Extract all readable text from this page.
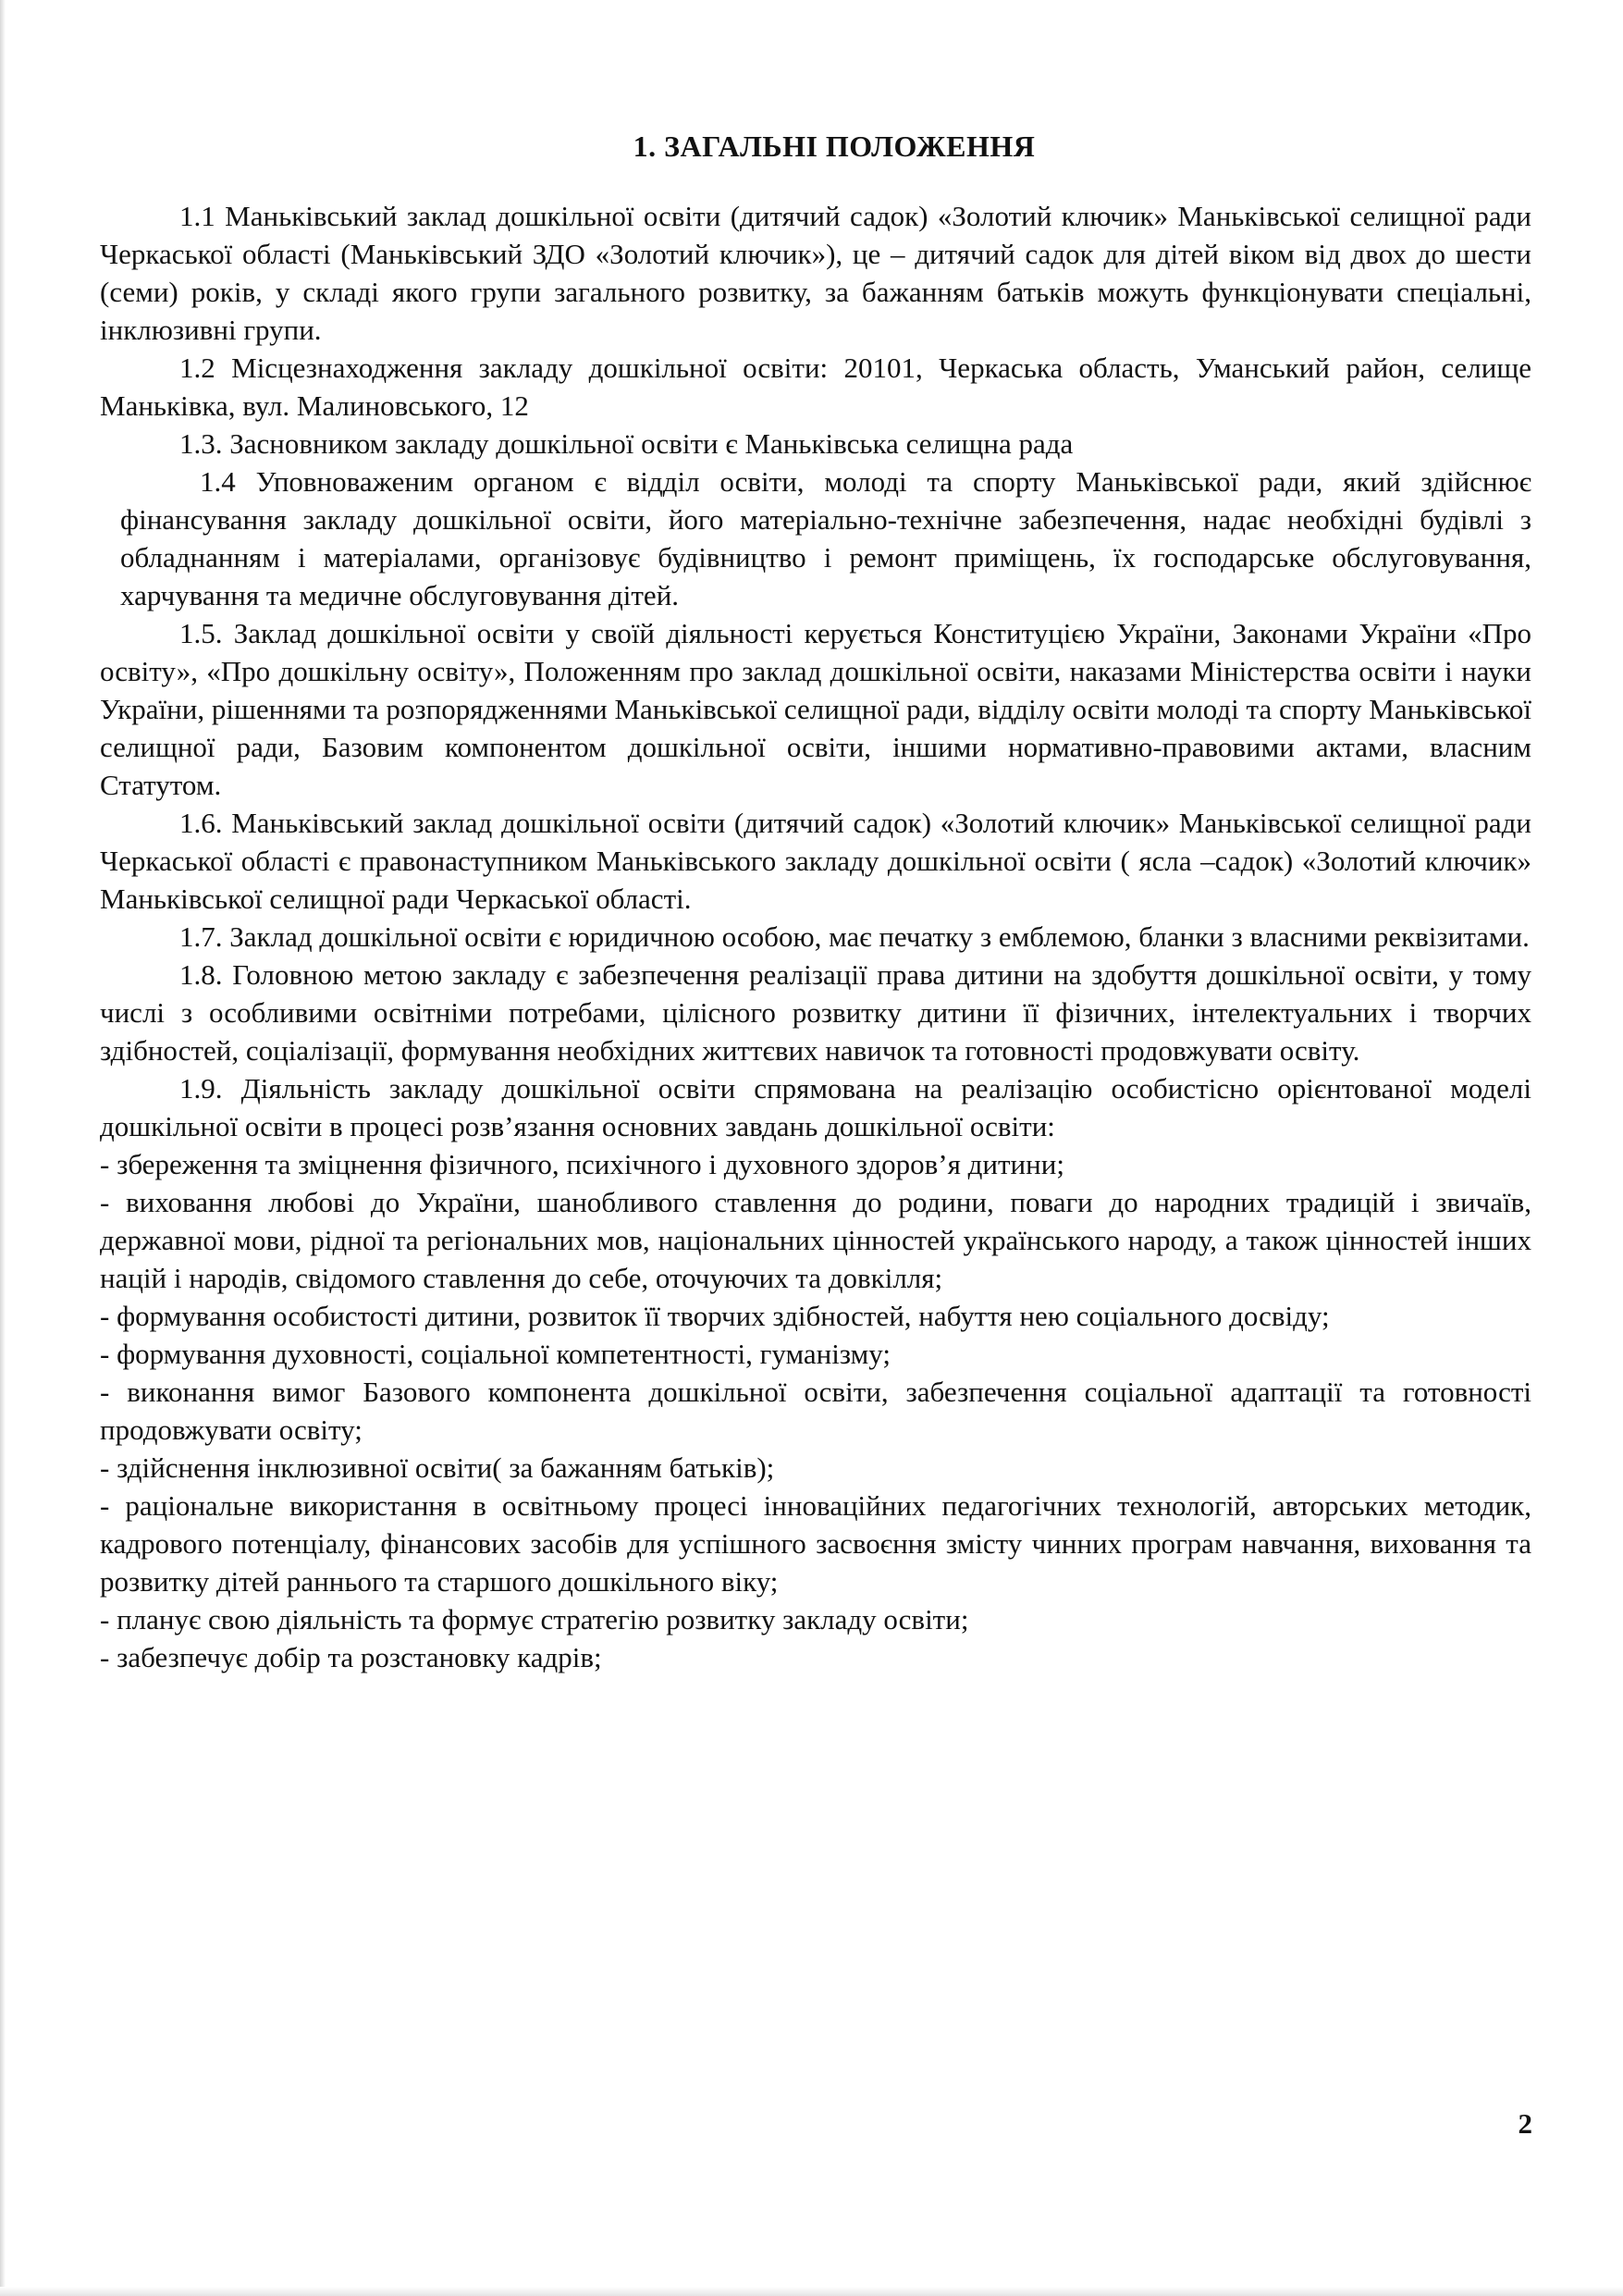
1. ЗАГАЛЬНІ ПОЛОЖЕННЯ

1.1 Маньківський заклад дошкільної освіти (дитячий садок) «Золотий ключик» Маньківської селищної ради Черкаської області (Маньківський ЗДО «Золотий ключик»), це – дитячий садок для дітей віком від двох до шести (семи) років, у складі якого групи загального розвитку, за бажанням батьків можуть функціонувати спеціальні, інклюзивні групи.

1.2 Місцезнаходження закладу дошкільної освіти: 20101, Черкаська область, Уманський район, селище Маньківка, вул. Малиновського, 12

1.3. Засновником закладу дошкільної освіти є Маньківська селищна рада

1.4 Уповноваженим органом є відділ освіти, молоді та спорту Маньківської ради, який здійснює фінансування закладу дошкільної освіти, його матеріально-технічне забезпечення, надає необхідні будівлі з обладнанням і матеріалами, організовує будівництво і ремонт приміщень, їх господарське обслуговування, харчування та медичне обслуговування дітей.

1.5. Заклад дошкільної освіти у своїй діяльності керується Конституцією України, Законами України «Про освіту», «Про дошкільну освіту», Положенням про заклад дошкільної освіти, наказами Міністерства освіти і науки України, рішеннями та розпорядженнями Маньківської селищної ради, відділу освіти молоді та спорту Маньківської селищної ради, Базовим компонентом дошкільної освіти, іншими нормативно-правовими актами, власним Статутом.

1.6. Маньківський заклад дошкільної освіти (дитячий садок) «Золотий ключик» Маньківської селищної ради Черкаської області є правонаступником Маньківського закладу дошкільної освіти ( ясла –садок) «Золотий ключик» Маньківської селищної ради Черкаської області.

1.7. Заклад дошкільної освіти є юридичною особою, має печатку з емблемою, бланки з власними реквізитами.

1.8. Головною метою закладу є забезпечення реалізації права дитини на здобуття дошкільної освіти, у тому числі з особливими освітніми потребами, цілісного розвитку дитини її фізичних, інтелектуальних і творчих здібностей, соціалізації, формування необхідних життєвих навичок та готовності продовжувати освіту.

1.9. Діяльність закладу дошкільної освіти спрямована на реалізацію особистісно орієнтованої моделі дошкільної освіти в процесі розв’язання основних завдань дошкільної освіти:

- збереження та зміцнення фізичного, психічного і духовного здоров’я дитини;

- виховання любові до України, шанобливого ставлення до родини, поваги до народних традицій і звичаїв, державної мови, рідної та регіональних мов, національних цінностей українського народу, а також цінностей інших націй і народів, свідомого ставлення до себе, оточуючих та довкілля;

- формування особистості дитини, розвиток її творчих здібностей, набуття нею соціального досвіду;

- формування духовності, соціальної компетентності, гуманізму;

- виконання вимог Базового компонента дошкільної освіти, забезпечення соціальної адаптації та готовності продовжувати освіту;

- здійснення інклюзивної освіти( за бажанням батьків);

- раціональне використання в освітньому процесі інноваційних педагогічних технологій, авторських методик, кадрового потенціалу, фінансових засобів для успішного засвоєння змісту чинних програм навчання, виховання та розвитку дітей раннього та старшого дошкільного віку;

- планує свою діяльність та формує стратегію розвитку закладу освіти;

- забезпечує добір та розстановку кадрів;

2
